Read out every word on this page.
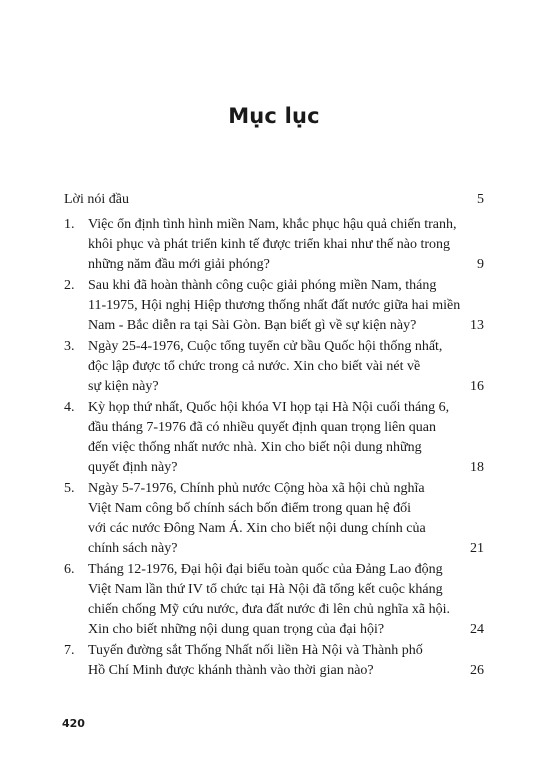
Mục lục
Lời nói đầu	5
1. Việc ổn định tình hình miền Nam, khắc phục hậu quả chiến tranh,
khôi phục và phát triển kinh tế được triển khai như thế nào trong
9
những năm đầu mới giải phóng?
2. Sau khi đã hoàn thành công cuộc giải phóng miền Nam, tháng
11-1975, Hội nghị Hiệp thương thống nhất đất nước giữa hai miền
13
Nam - Bắc diễn ra tại Sài Gòn. Bạn biết gì về sự kiện này?
3. Ngày 25-4-1976, Cuộc tổng tuyển cử bầu Quốc hội thống nhất,
độc lập được tổ chức trong cả nước. Xin cho biết vài nét về
16
sự kiện này?
4. Kỳ họp thứ nhất, Quốc hội khóa VI họp tại Hà Nội cuối tháng 6,
đầu tháng 7-1976 đã có nhiều quyết định quan trọng liên quan
đến việc thống nhất nước nhà. Xin cho biết nội dung những
18
quyết định này?
5. Ngày 5-7-1976, Chính phủ nước Cộng hòa xã hội chủ nghĩa
Việt Nam công bố chính sách bốn điểm trong quan hệ đối
với các nước Đông Nam Á. Xin cho biết nội dung chính của
21
chính sách này?
6. Tháng 12-1976, Đại hội đại biểu toàn quốc của Đảng Lao động
Việt Nam lần thứ IV tổ chức tại Hà Nội đã tổng kết cuộc kháng
chiến chống Mỹ cứu nước, đưa đất nước đi lên chủ nghĩa xã hội.
24
Xin cho biết những nội dung quan trọng của đại hội?
7. Tuyến đường sắt Thống Nhất nối liền Hà Nội và Thành phố
26
Hồ Chí Minh được khánh thành vào thời gian nào?
420
